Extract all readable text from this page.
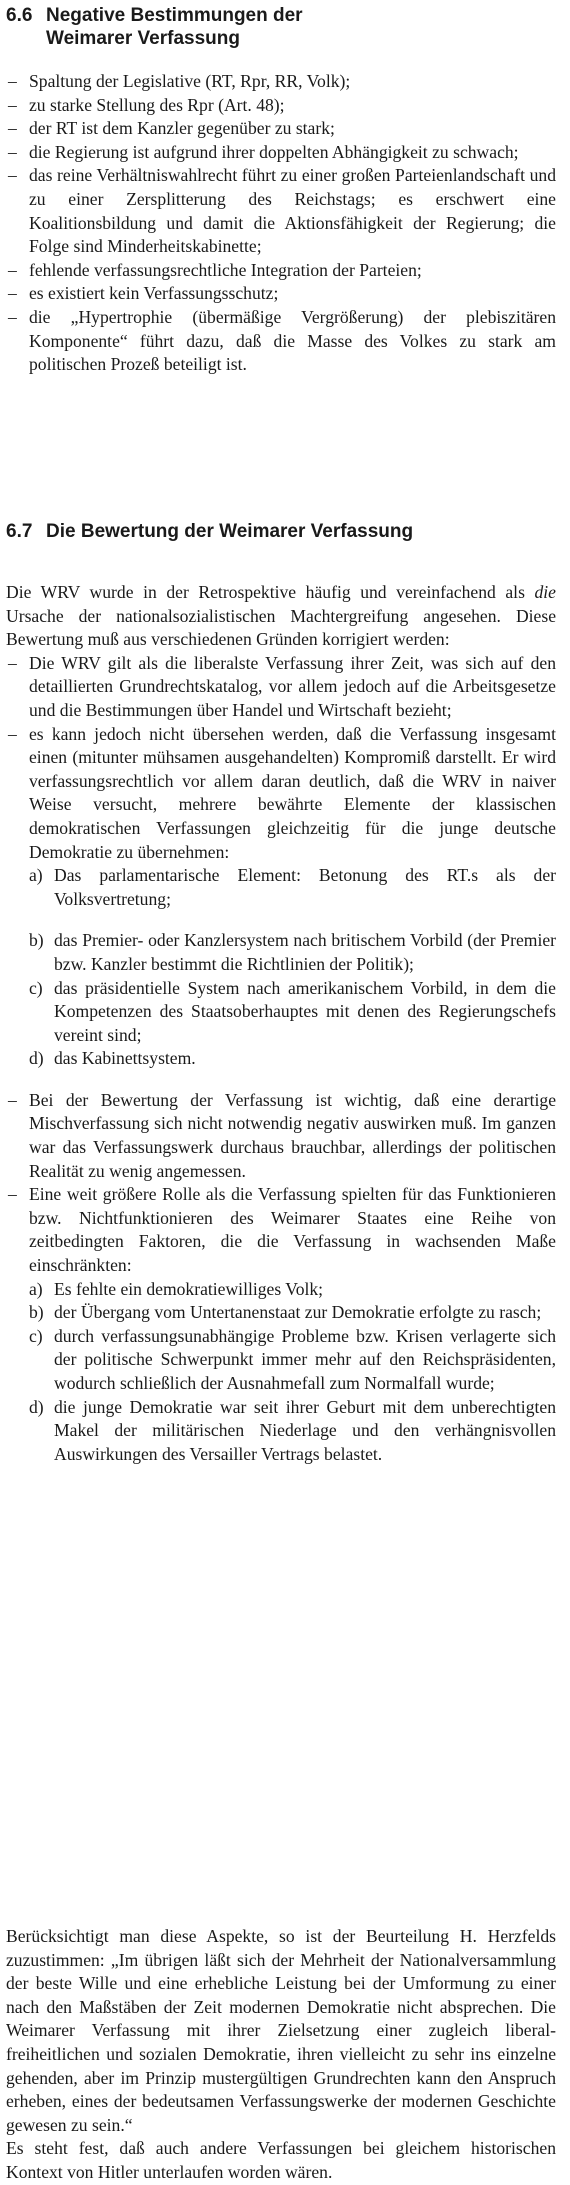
6.6 Negative Bestimmungen der
Weimarer Verfassung
– Spaltung der Legislative (RT, Rpr, RR, Volk);
– zu starke Stellung des Rpr (Art. 48);
– der RT ist dem Kanzler gegenüber zu stark;
– die Regierung ist aufgrund ihrer doppelten Abhängigkeit zu schwach;
– das reine Verhältniswahlrecht führt zu einer großen Parteienlandschaft und zu einer Zersplitterung des Reichstags; es erschwert eine Koalitionsbildung und damit die Aktionsfähigkeit der Regierung; die Folge sind Minderheitskabinette;
– fehlende verfassungsrechtliche Integration der Parteien;
– es existiert kein Verfassungsschutz;
– die „Hypertrophie (übermäßige Vergrößerung) der plebiszitären Komponente“ führt dazu, daß die Masse des Volkes zu stark am politischen Prozeß beteiligt ist.
6.7 Die Bewertung der Weimarer Verfassung

Die WRV wurde in der Retrospektive häufig und vereinfachend als die Ursache der nationalsozialistischen Machtergreifung angesehen. Diese Bewertung muß aus verschiedenen Gründen korrigiert werden:

– Die WRV gilt als die liberalste Verfassung ihrer Zeit, was sich auf den detaillierten Grundrechtskatalog, vor allem jedoch auf die Arbeitsgesetze und die Bestimmungen über Handel und Wirtschaft bezieht;
– es kann jedoch nicht übersehen werden, daß die Verfassung insgesamt einen (mitunter mühsamen ausgehandelten) Kompromiß darstellt. Er wird verfassungsrechtlich vor allem daran deutlich, daß die WRV in naiver Weise versucht, mehrere bewährte Elemente der klassischen demokratischen Verfassungen gleichzeitig für die junge deutsche Demokratie zu übernehmen:
a) Das parlamentarische Element: Betonung des RT.s als der Volksvertretung;
b) das Premier- oder Kanzlersystem nach britischem Vorbild (der Premier bzw. Kanzler bestimmt die Richtlinien der Politik);
c) das präsidentielle System nach amerikanischem Vorbild, in dem die Kompetenzen des Staatsoberhauptes mit denen des Regierungschefs vereint sind;
d) das Kabinettsystem.
– Bei der Bewertung der Verfassung ist wichtig, daß eine derartige Mischverfassung sich nicht notwendig negativ auswirken muß. Im ganzen war das Verfassungswerk durchaus brauchbar, allerdings der politischen Realität zu wenig angemessen.
– Eine weit größere Rolle als die Verfassung spielten für das Funktionieren bzw. Nichtfunktionieren des Weimarer Staates eine Reihe von zeitbedingten Faktoren, die die Verfassung in wachsenden Maße einschränkten:
a) Es fehlte ein demokratiewilliges Volk;
b) der Übergang vom Untertanenstaat zur Demokratie erfolgte zu rasch;
c) durch verfassungsunabhängige Probleme bzw. Krisen verlagerte sich der politische Schwerpunkt immer mehr auf den Reichspräsidenten, wodurch schließlich der Ausnahmefall zum Normalfall wurde;
d) die junge Demokratie war seit ihrer Geburt mit dem unberechtigten Makel der militärischen Niederlage und den verhängnisvollen Auswirkungen des Versailler Vertrags belastet.

Berücksichtigt man diese Aspekte, so ist der Beurteilung H. Herzfelds zuzustimmen: „Im übrigen läßt sich der Mehrheit der Nationalversammlung der beste Wille und eine erhebliche Leistung bei der Umformung zu einer nach den Maßstäben der Zeit modernen Demokratie nicht absprechen. Die Weimarer Verfassung mit ihrer Zielsetzung einer zugleich liberal-freiheitlichen und sozialen Demokratie, ihren vielleicht zu sehr ins einzelne gehenden, aber im Prinzip mustergültigen Grundrechten kann den Anspruch erheben, eines der bedeutsamen Verfassungswerke der modernen Geschichte gewesen zu sein.“

Es steht fest, daß auch andere Verfassungen bei gleichem historischen Kontext von Hitler unterlaufen worden wären.
